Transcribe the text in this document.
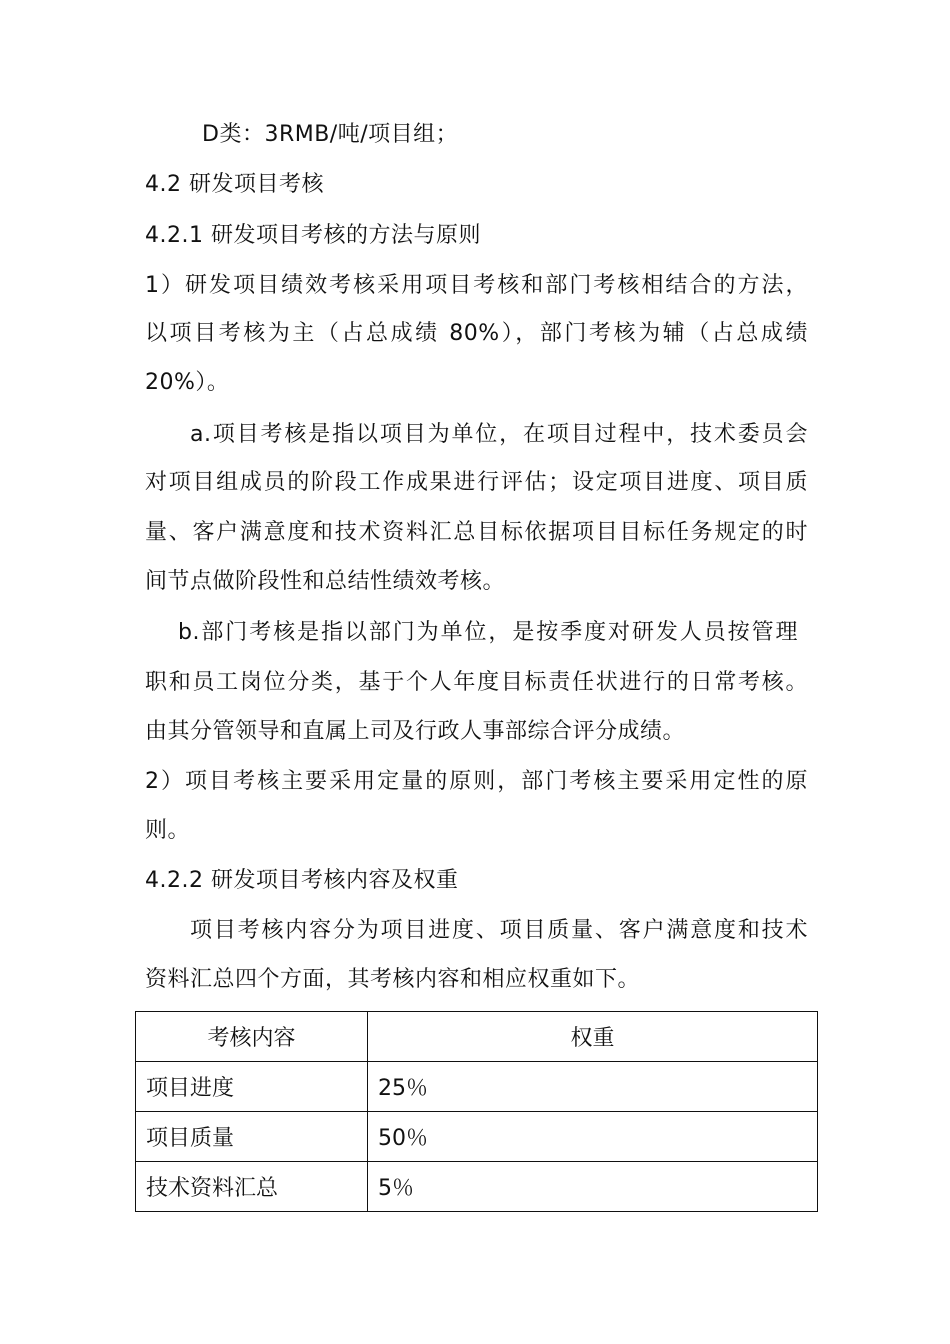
D类：3RMB/吨/项目组；
4.2 研发项目考核
4.2.1 研发项目考核的方法与原则
1）研发项目绩效考核采用项目考核和部门考核相结合的方法，
以项目考核为主（占总成绩 80%），部门考核为辅（占总成绩
20%）。
a.项目考核是指以项目为单位，在项目过程中，技术委员会
对项目组成员的阶段工作成果进行评估；设定项目进度、项目质
量、客户满意度和技术资料汇总目标依据项目目标任务规定的时
间节点做阶段性和总结性绩效考核。
b.部门考核是指以部门为单位，是按季度对研发人员按管理
职和员工岗位分类，基于个人年度目标责任状进行的日常考核。
由其分管领导和直属上司及行政人事部综合评分成绩。
2）项目考核主要采用定量的原则，部门考核主要采用定性的原
则。
4.2.2 研发项目考核内容及权重
项目考核内容分为项目进度、项目质量、客户满意度和技术
资料汇总四个方面，其考核内容和相应权重如下。
考核内容	权重
项目进度	25％
项目质量	50％
技术资料汇总	5％
